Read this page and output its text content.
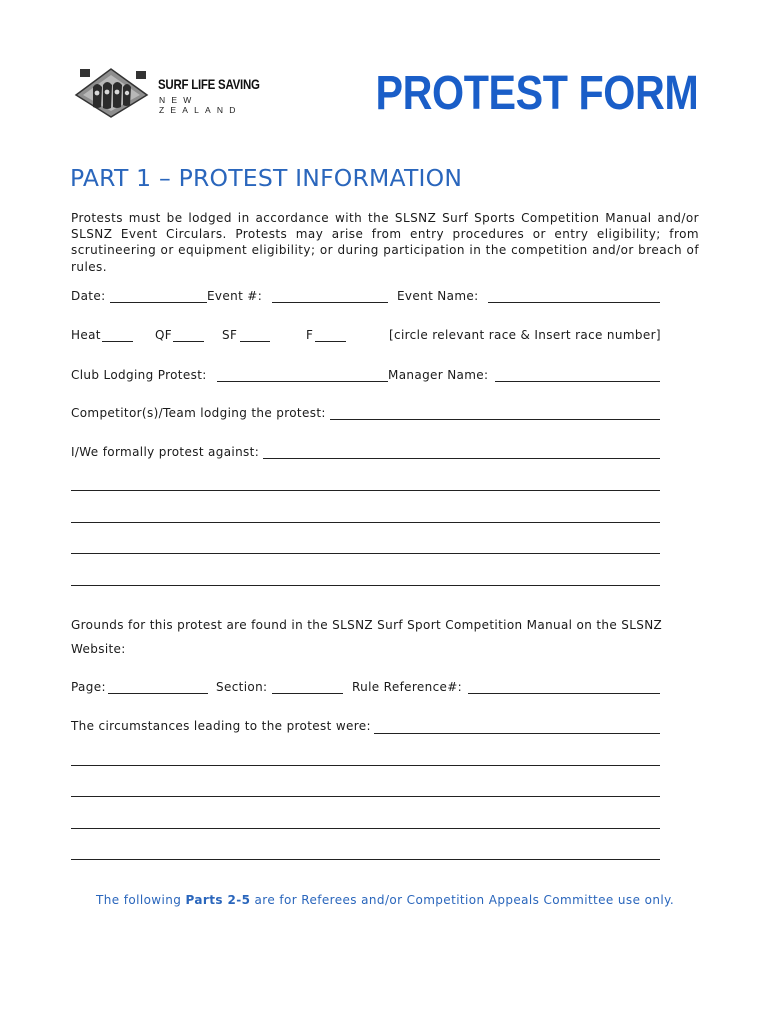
SURF LIFE SAVING
NEW ZEALAND	PROTEST FORM
PART 1 – PROTEST INFORMATION
Protests must be lodged in accordance with the SLSNZ Surf Sports Competition Manual and/or SLSNZ Event Circulars. Protests may arise from entry procedures or entry eligibility; from scrutineering or equipment eligibility; or during participation in the competition and/or breach of rules.
Date:	Event #:	Event Name:
Heat	QF	SF	F	[circle relevant race & Insert race number]
Club Lodging Protest:	Manager Name:
Competitor(s)/Team lodging the protest:
I/We formally protest against:
Grounds for this protest are found in the SLSNZ Surf Sport Competition Manual on the SLSNZ
Website:
Page:	Section:	Rule Reference#:
The circumstances leading to the protest were:
The following Parts 2-5 are for Referees and/or Competition Appeals Committee use only.
